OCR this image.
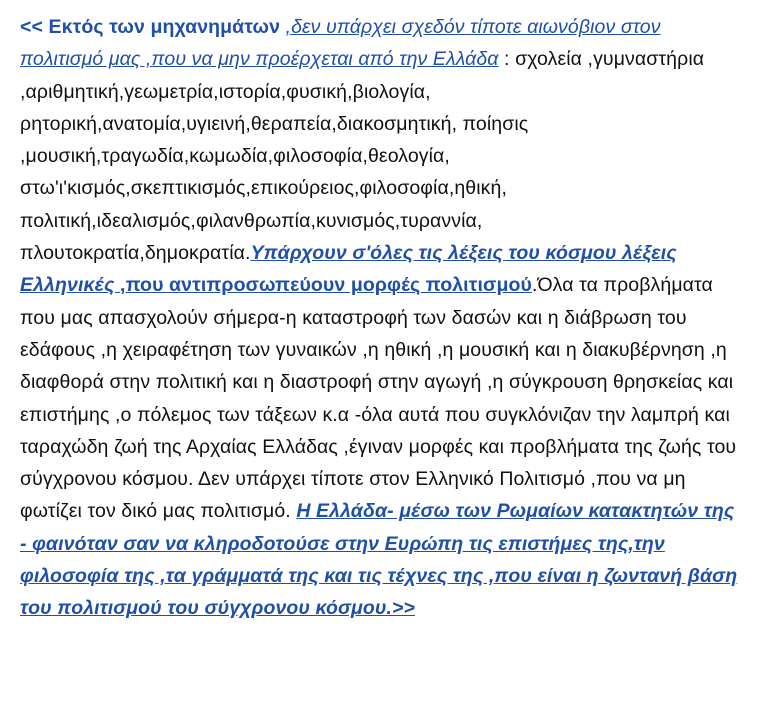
<< Εκτός των μηχανημάτων ,δεν υπάρχει σχεδόν τίποτε αιωνόβιον στον πολιτισμό μας ,που να μην προέρχεται από την Ελλάδα : σχολεία ,γυμναστήρια ,αριθμητική,γεωμετρία,ιστορία,φυσική,βιολογία, ρητορική,ανατομία,υγιεινή,θεραπεία,διακοσμητική, ποίησις ,μουσική,τραγωδία,κωμωδία,φιλοσοφία,θεολογία, στω'ι'κισμός,σκεπτικισμός,επικούρειος,φιλοσοφία,ηθική, πολιτική,ιδεαλισμός,φιλανθρωπία,κυνισμός,τυραννία, πλουτοκρατία,δημοκρατία.Υπάρχουν σ'όλες τις λέξεις του κόσμου λέξεις Ελληνικές ,που αντιπροσωπεύουν μορφές πολιτισμού.Όλα τα προβλήματα που μας απασχολούν σήμερα-η καταστροφή των δασών και η διάβρωση του εδάφους ,η χειραφέτηση των γυναικών ,η ηθική ,η μουσική και η διακυβέρνηση ,η διαφθορά στην πολιτική και η διαστροφή στην αγωγή ,η σύγκρουση θρησκείας και επιστήμης ,ο πόλεμος των τάξεων κ.α -όλα αυτά που συγκλόνιζαν την λαμπρή και ταραχώδη ζωή της Αρχαίας Ελλάδας ,έγιναν μορφές και προβλήματα της ζωής του σύγχρονου κόσμου. Δεν υπάρχει τίποτε στον Ελληνικό Πολιτισμό ,που να μη φωτίζει τον δικό μας πολιτισμό. Η Ελλάδα- μέσω των Ρωμαίων κατακτητών της - φαινόταν σαν να κληροδοτούσε στην Ευρώπη τις επιστήμες της,την φιλοσοφία της ,τα γράμματά της και τις τέχνες της ,που είναι η ζωντανή βάση του πολιτισμού του σύγχρονου κόσμου.>>
